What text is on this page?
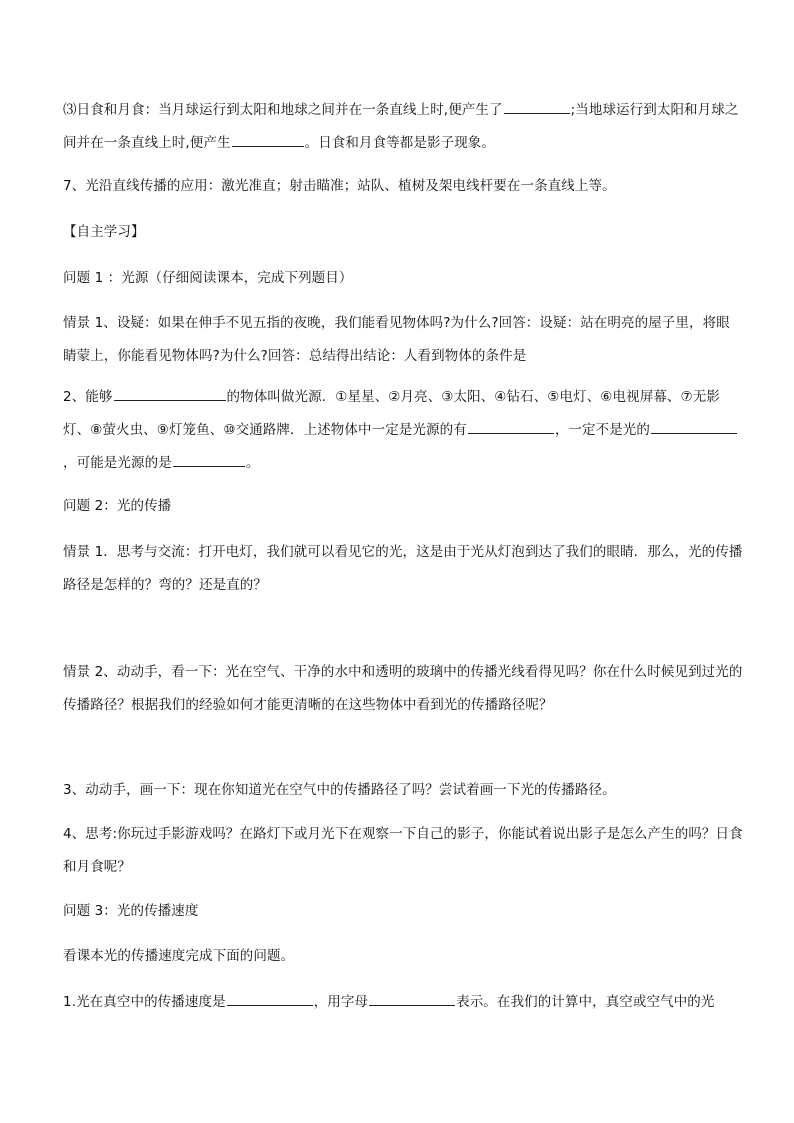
⑶日食和月食：当月球运行到太阳和地球之间并在一条直线上时,便产生了	;当地球运行到太阳和月球之间并在一条直线上时,便产生	。日食和月食等都是影子现象。

7、光沿直线传播的应用：激光准直；射击瞄准；站队、植树及架电线杆要在一条直线上等。

【自主学习】

问题 1 ：光源（仔细阅读课本，完成下列题目）

情景 1、设疑：如果在伸手不见五指的夜晚，我们能看见物体吗?为什么?回答：设疑：站在明亮的屋子里，将眼睛蒙上，你能看见物体吗?为什么?回答：总结得出结论：人看到物体的条件是

2、能够	的物体叫做光源．①星星、②月亮、③太阳、④钻石、⑤电灯、⑥电视屏幕、⑦无影灯、⑧萤火虫、⑨灯笼鱼、⑩交通路牌．上述物体中一定是光源的有	，一定不是光的，可能是光源的是	。

问题 2：光的传播

情景 1．思考与交流：打开电灯，我们就可以看见它的光，这是由于光从灯泡到达了我们的眼睛．那么，光的传播路径是怎样的？弯的？还是直的？

情景 2、动动手，看一下：光在空气、干净的水中和透明的玻璃中的传播光线看得见吗？你在什么时候见到过光的传播路径？根据我们的经验如何才能更清晰的在这些物体中看到光的传播路径呢？

3、动动手，画一下：现在你知道光在空气中的传播路径了吗？尝试着画一下光的传播路径。

4、思考:你玩过手影游戏吗？在路灯下或月光下在观察一下自己的影子，你能试着说出影子是怎么产生的吗？日食和月食呢？

问题 3：光的传播速度

看课本光的传播速度完成下面的问题。

1.光在真空中的传播速度是	，用字母	表示。在我们的计算中，真空或空气中的光
